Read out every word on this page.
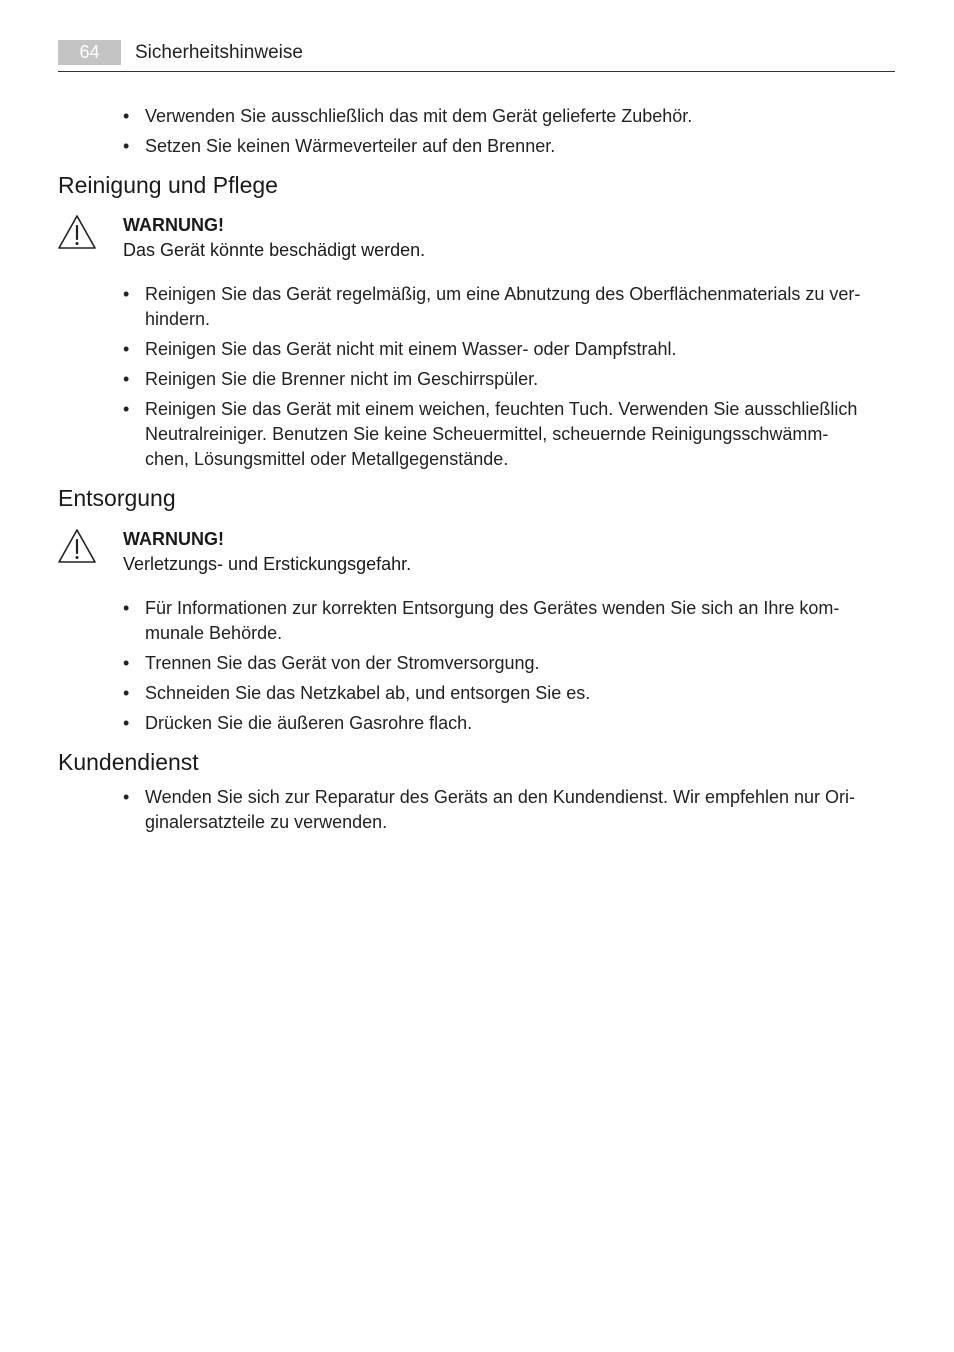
64	Sicherheitshinweise
• Verwenden Sie ausschließlich das mit dem Gerät gelieferte Zubehör.
• Setzen Sie keinen Wärmeverteiler auf den Brenner.
Reinigung und Pflege
WARNUNG!
Das Gerät könnte beschädigt werden.
• Reinigen Sie das Gerät regelmäßig, um eine Abnutzung des Oberflächenmaterials zu ver-
hindern.
• Reinigen Sie das Gerät nicht mit einem Wasser- oder Dampfstrahl.
• Reinigen Sie die Brenner nicht im Geschirrspüler.
• Reinigen Sie das Gerät mit einem weichen, feuchten Tuch. Verwenden Sie ausschließlich
Neutralreiniger. Benutzen Sie keine Scheuermittel, scheuernde Reinigungsschwämm-
chen, Lösungsmittel oder Metallgegenstände.
Entsorgung
WARNUNG!
Verletzungs- und Erstickungsgefahr.
• Für Informationen zur korrekten Entsorgung des Gerätes wenden Sie sich an Ihre kom-
munale Behörde.
• Trennen Sie das Gerät von der Stromversorgung.
• Schneiden Sie das Netzkabel ab, und entsorgen Sie es.
• Drücken Sie die äußeren Gasrohre flach.
Kundendienst
• Wenden Sie sich zur Reparatur des Geräts an den Kundendienst. Wir empfehlen nur Ori-
ginalersatzteile zu verwenden.
